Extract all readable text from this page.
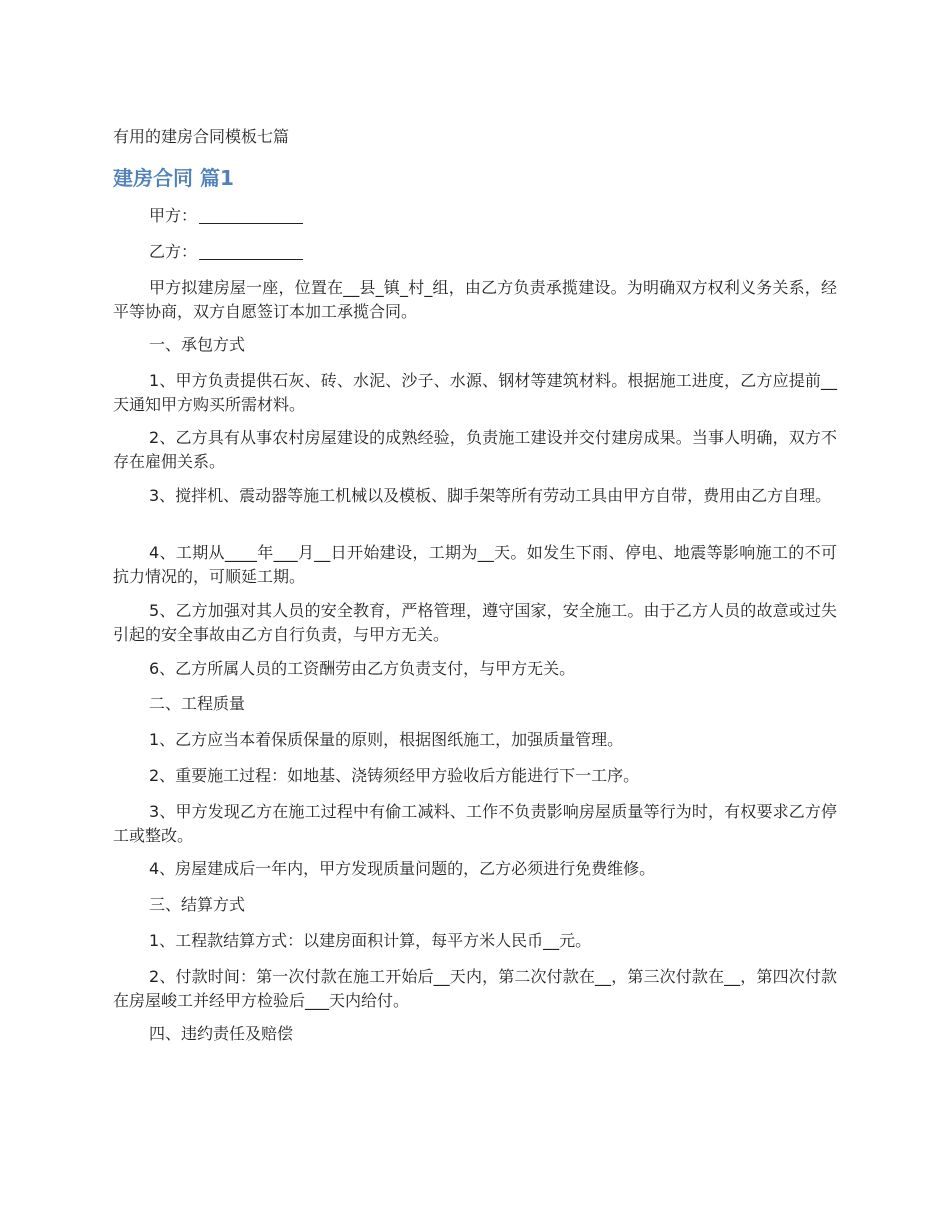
有用的建房合同模板七篇
建房合同 篇1

甲方：

乙方：

甲方拟建房屋一座，位置在__县_镇_村_组，由乙方负责承揽建设。为明确双方权利义务关系，经平等协商，双方自愿签订本加工承揽合同。

一、承包方式

1、甲方负责提供石灰、砖、水泥、沙子、水源、钢材等建筑材料。根据施工进度，乙方应提前__天通知甲方购买所需材料。

2、乙方具有从事农村房屋建设的成熟经验，负责施工建设并交付建房成果。当事人明确，双方不存在雇佣关系。

3、搅拌机、震动器等施工机械以及模板、脚手架等所有劳动工具由甲方自带，费用由乙方自理。

4、工期从____年___月__日开始建设，工期为__天。如发生下雨、停电、地震等影响施工的不可抗力情况的，可顺延工期。

5、乙方加强对其人员的安全教育，严格管理，遵守国家，安全施工。由于乙方人员的故意或过失引起的安全事故由乙方自行负责，与甲方无关。

6、乙方所属人员的工资酬劳由乙方负责支付，与甲方无关。

二、工程质量

1、乙方应当本着保质保量的原则，根据图纸施工，加强质量管理。

2、重要施工过程：如地基、浇铸须经甲方验收后方能进行下一工序。

3、甲方发现乙方在施工过程中有偷工减料、工作不负责影响房屋质量等行为时，有权要求乙方停工或整改。

4、房屋建成后一年内，甲方发现质量问题的，乙方必须进行免费维修。

三、结算方式

1、工程款结算方式：以建房面积计算，每平方米人民币__元。

2、付款时间：第一次付款在施工开始后__天内，第二次付款在__，第三次付款在__，第四次付款在房屋峻工并经甲方检验后___天内给付。

四、违约责任及赔偿
